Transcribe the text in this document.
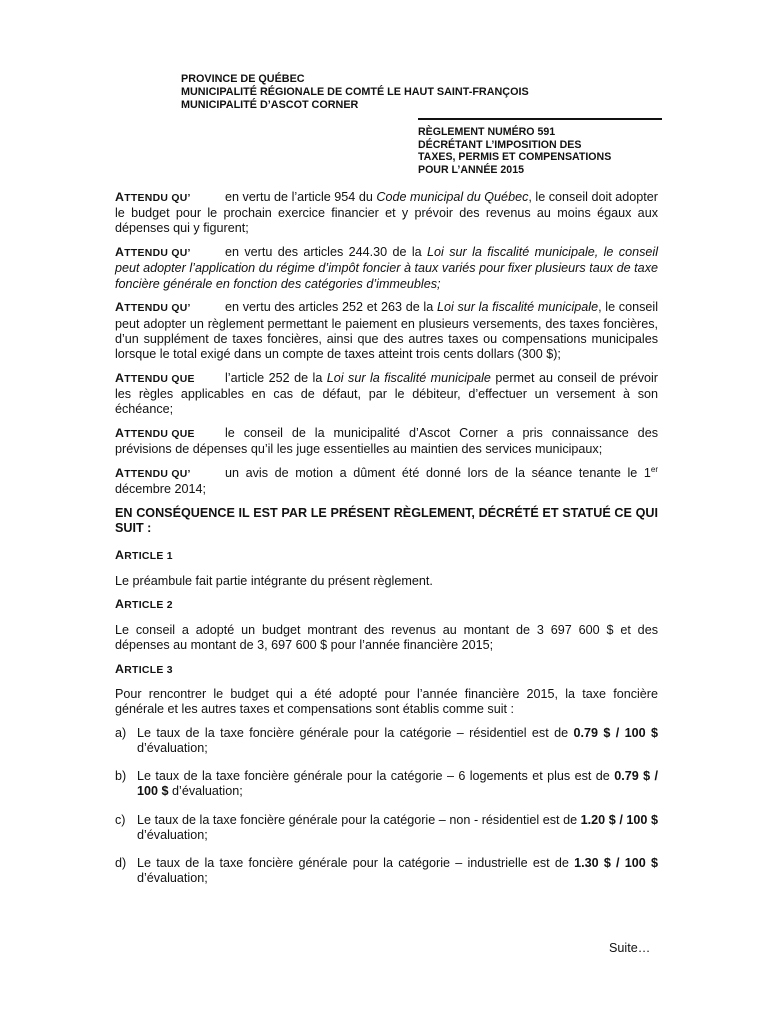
PROVINCE DE QUÉBEC
MUNICIPALITÉ RÉGIONALE DE COMTÉ LE HAUT SAINT-FRANÇOIS
MUNICIPALITÉ D’ASCOT CORNER
RÈGLEMENT NUMÉRO 591
DÉCRÉTANT L’IMPOSITION DES
TAXES, PERMIS ET COMPENSATIONS
POUR L’ANNÉE 2015

ATTENDU QU’	en vertu de l’article 954 du Code municipal du Québec, le conseil doit adopter le budget pour le prochain exercice financier et y prévoir des revenus au moins égaux aux dépenses qui y figurent;

ATTENDU QU’	en vertu des articles 244.30 de la Loi sur la fiscalité municipale, le conseil peut adopter l’application du régime d’impôt foncier à taux variés pour fixer plusieurs taux de taxe foncière générale en fonction des catégories d’immeubles;

ATTENDU QU’	en vertu des articles 252 et 263 de la Loi sur la fiscalité municipale, le conseil peut adopter un règlement permettant le paiement en plusieurs versements, des taxes foncières, d’un supplément de taxes foncières, ainsi que des autres taxes ou compensations municipales lorsque le total exigé dans un compte de taxes atteint trois cents dollars (300 $);

ATTENDU QUE l’article 252 de la Loi sur la fiscalité municipale permet au conseil de prévoir les règles applicables en cas de défaut, par le débiteur, d’effectuer un versement à son échéance;

ATTENDU QUE le conseil de la municipalité d’Ascot Corner a pris connaissance des prévisions de dépenses qu’il les juge essentielles au maintien des services municipaux;

ATTENDU QU’	un avis de motion a dûment été donné lors de la séance tenante le 1er décembre 2014;

EN CONSÉQUENCE IL EST PAR LE PRÉSENT RÈGLEMENT, DÉCRÉTÉ ET STATUÉ CE QUI SUIT :

ARTICLE 1

Le préambule fait partie intégrante du présent règlement.

ARTICLE 2

Le conseil a adopté un budget montrant des revenus au montant de 3 697 600 $ et des dépenses au montant de 3, 697 600 $ pour l’année financière 2015;

ARTICLE 3

Pour rencontrer le budget qui a été adopté pour l’année financière 2015, la taxe foncière générale et les autres taxes et compensations sont établis comme suit :

a) Le taux de la taxe foncière générale pour la catégorie – résidentiel est de 0.79 $ / 100 $ d’évaluation;
b) Le taux de la taxe foncière générale pour la catégorie – 6 logements et plus est de 0.79 $ / 100 $ d’évaluation;
c) Le taux de la taxe foncière générale pour la catégorie – non - résidentiel est de 1.20 $ / 100 $ d’évaluation;
d) Le taux de la taxe foncière générale pour la catégorie – industrielle est de 1.30 $ / 100 $ d’évaluation;
Suite…
